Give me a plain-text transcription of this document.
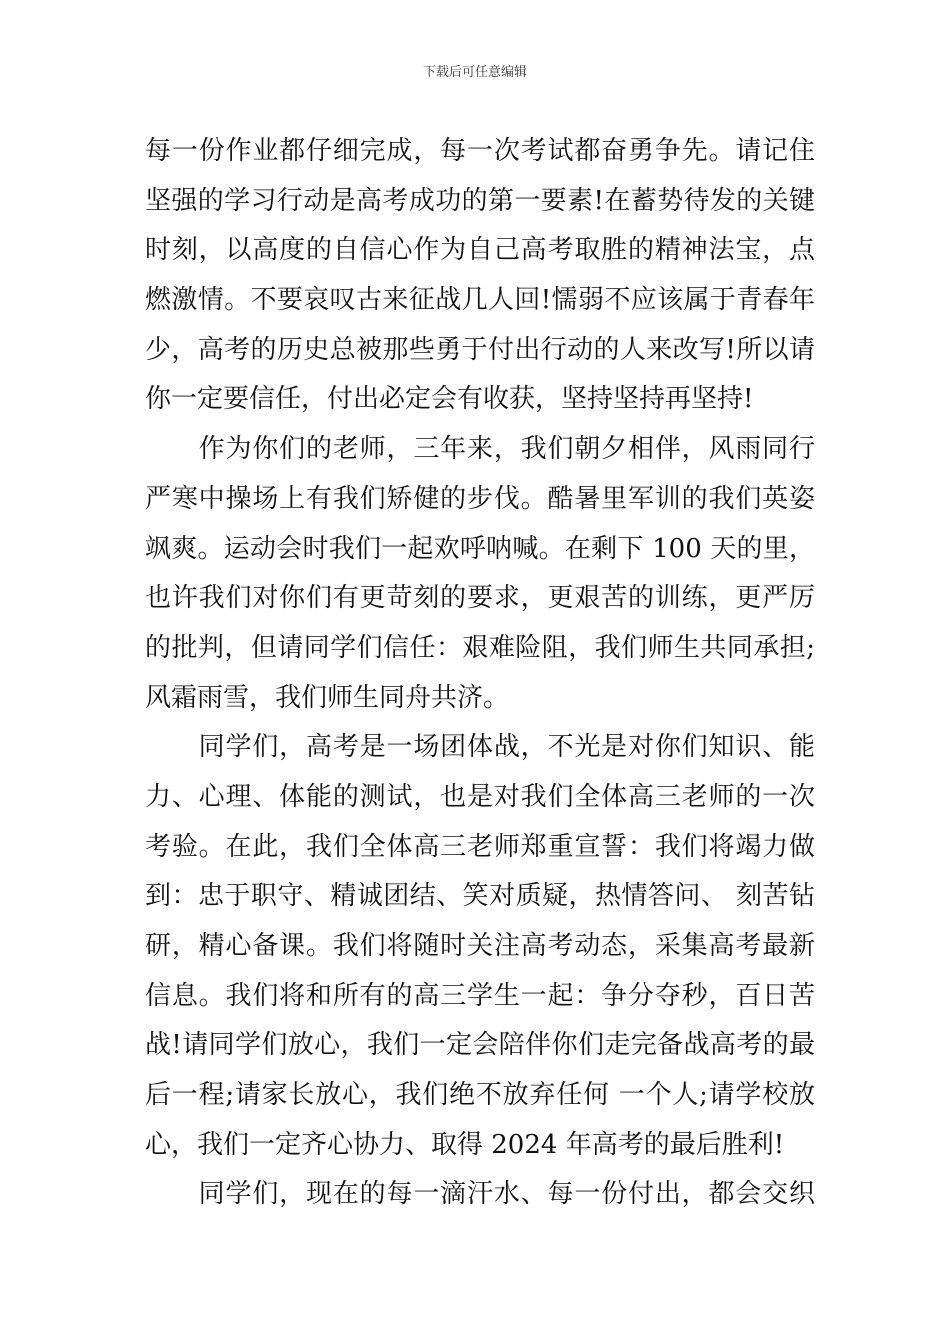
下载后可任意编辑
每一份作业都仔细完成，每一次考试都奋勇争先。请记住
坚强的学习行动是高考成功的第一要素!在蓄势待发的关键
时刻，以高度的自信心作为自己高考取胜的精神法宝，点
燃激情。不要哀叹古来征战几人回!懦弱不应该属于青春年
少，高考的历史总被那些勇于付出行动的人来改写!所以请
你一定要信任，付出必定会有收获，坚持坚持再坚持!
　　作为你们的老师，三年来，我们朝夕相伴，风雨同行
严寒中操场上有我们矫健的步伐。酷暑里军训的我们英姿
飒爽。运动会时我们一起欢呼呐喊。在剩下 100 天的里，
也许我们对你们有更苛刻的要求，更艰苦的训练，更严厉
的批判，但请同学们信任：艰难险阻，我们师生共同承担;
风霜雨雪，我们师生同舟共济。
　　同学们，高考是一场团体战，不光是对你们知识、能
力、心理、体能的测试，也是对我们全体高三老师的一次
考验。在此，我们全体高三老师郑重宣誓：我们将竭力做
到：忠于职守、精诚团结、笑对质疑，热情答问、 刻苦钻
研，精心备课。我们将随时关注高考动态，采集高考最新
信息。我们将和所有的高三学生一起：争分夺秒，百日苦
战!请同学们放心，我们一定会陪伴你们走完备战高考的最
后一程;请家长放心，我们绝不放弃任何 一个人;请学校放
心，我们一定齐心协力、取得 2024 年高考的最后胜利!
　　同学们，现在的每一滴汗水、每一份付出，都会交织
